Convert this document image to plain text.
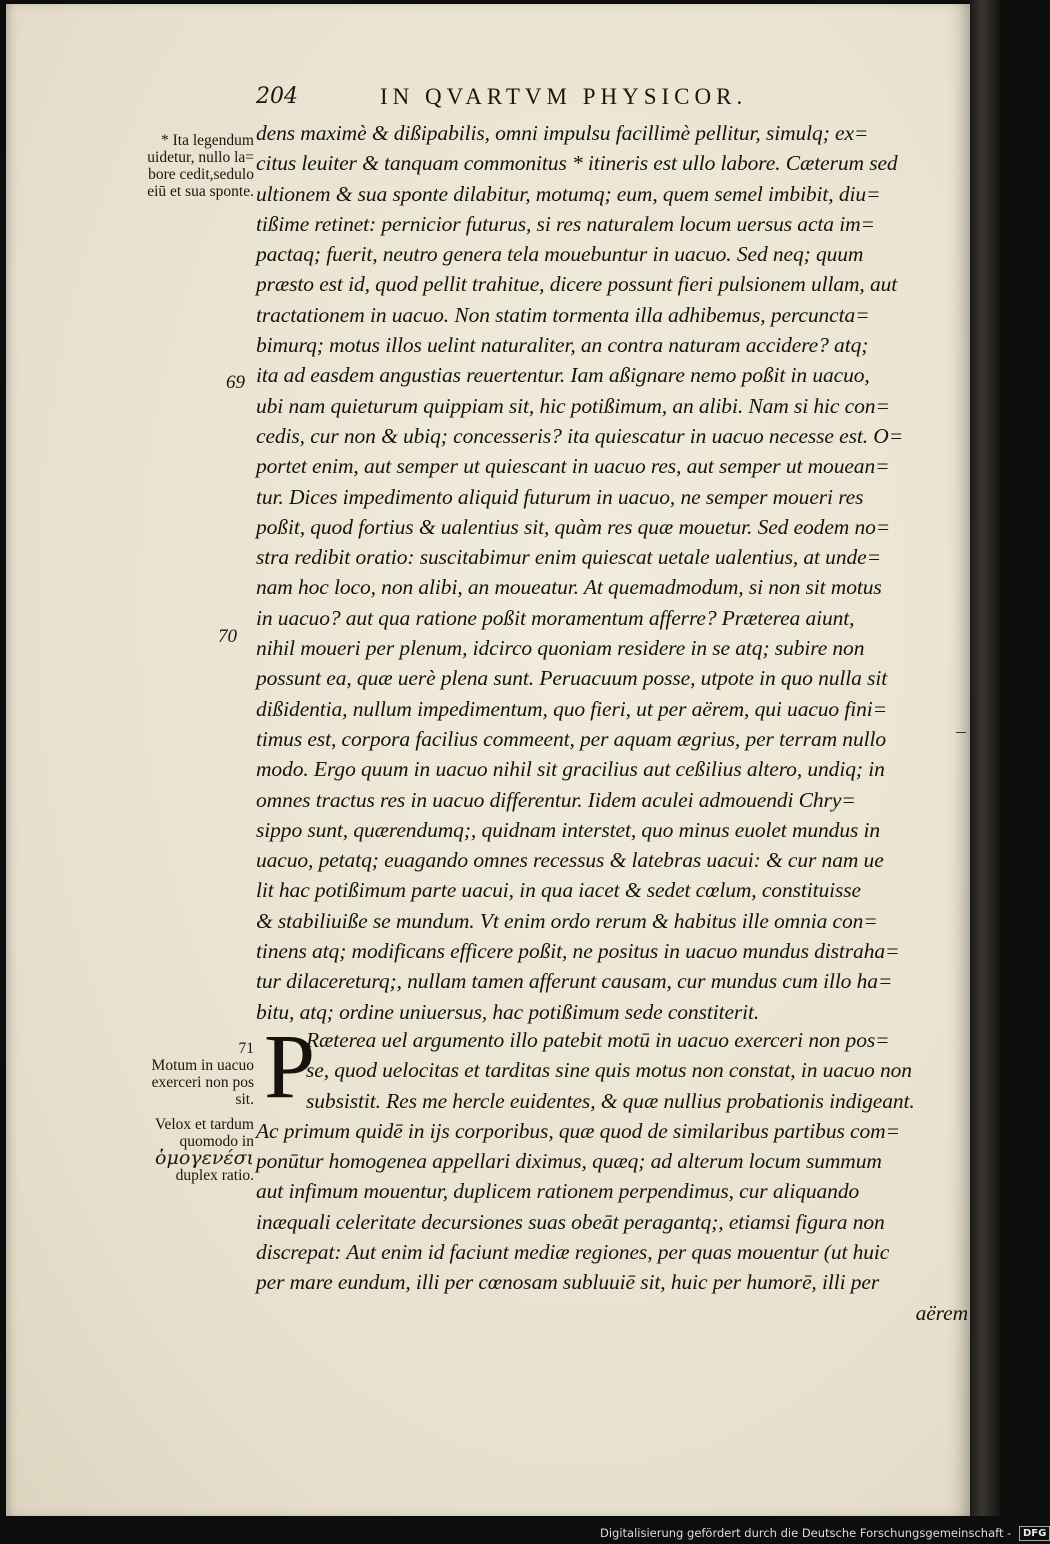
204	IN QVARTVM PHYSICOR.
* Ita legendum
uidetur, nullo la=
bore cedit,sedulo
eiū et sua sponte.
69
70
71
Motum in uacuo
exerceri non pos
sit.
Velox et tardum
quomodo in
ὁμογενέσι
duplex ratio.
dens maximè & dißipabilis, omni impulsu facillimè pellitur, simulq; ex=
citus leuiter & tanquam commonitus * itineris est ullo labore. Cæterum sed
ultionem & sua sponte dilabitur, motumq; eum, quem semel imbibit, diu=
tißime retinet: pernicior futurus, si res naturalem locum uersus acta im=
pactaq; fuerit, neutro genera tela mouebuntur in uacuo. Sed neq; quum
præsto est id, quod pellit trahitue, dicere possunt fieri pulsionem ullam, aut
tractationem in uacuo. Non statim tormenta illa adhibemus, percuncta=
bimurq; motus illos uelint naturaliter, an contra naturam accidere? atq;
ita ad easdem angustias reuertentur. Iam aßignare nemo poßit in uacuo,
ubi nam quieturum quippiam sit, hic potißimum, an alibi. Nam si hic con=
cedis, cur non & ubiq; concesseris? ita quiescatur in uacuo necesse est. O=
portet enim, aut semper ut quiescant in uacuo res, aut semper ut mouean=
tur. Dices impedimento aliquid futurum in uacuo, ne semper moueri res
poßit, quod fortius & ualentius sit, quàm res quæ mouetur. Sed eodem no=
stra redibit oratio: suscitabimur enim quiescat uetale ualentius, at unde=
nam hoc loco, non alibi, an moueatur. At quemadmodum, si non sit motus
in uacuo? aut qua ratione poßit moramentum afferre? Præterea aiunt,
nihil moueri per plenum, idcirco quoniam residere in se atq; subire non
possunt ea, quæ uerè plena sunt. Peruacuum posse, utpote in quo nulla sit
dißidentia, nullum impedimentum, quo fieri, ut per aërem, qui uacuo fini=
timus est, corpora facilius commeent, per aquam ægrius, per terram nullo
modo. Ergo quum in uacuo nihil sit gracilius aut ceßilius altero, undiq; in
omnes tractus res in uacuo differentur. Iidem aculei admouendi Chry=
sippo sunt, quærendumq;, quidnam interstet, quo minus euolet mundus in
uacuo, petatq; euagando omnes recessus & latebras uacui: & cur nam ue
lit hac potißimum parte uacui, in qua iacet & sedet cœlum, constituisse
& stabiliuiße se mundum. Vt enim ordo rerum & habitus ille omnia con=
tinens atq; modificans efficere poßit, ne positus in uacuo mundus distraha=
tur dilacereturq;, nullam tamen afferunt causam, cur mundus cum illo ha=
bitu, atq; ordine uniuersus, hac potißimum sede constiterit.
P
Ræterea uel argumento illo patebit motū in uacuo exerceri non pos=
se, quod uelocitas et tarditas sine quis motus non constat, in uacuo non
subsistit. Res me hercle euidentes, & quæ nullius probationis indigeant.
Ac primum quidē in ijs corporibus, quæ quod de similaribus partibus com=
ponūtur homogenea appellari diximus, quæq; ad alterum locum summum
aut infimum mouentur, duplicem rationem perpendimus, cur aliquando
inæquali celeritate decursiones suas obeāt peragantq;, etiamsi figura non
discrepat: Aut enim id faciunt mediæ regiones, per quas mouentur (ut huic
per mare eundum, illi per cœnosam subluuiē sit, huic per humorē, illi per
aërem
Digitalisierung gefördert durch die Deutsche Forschungsgemeinschaft - DFG
